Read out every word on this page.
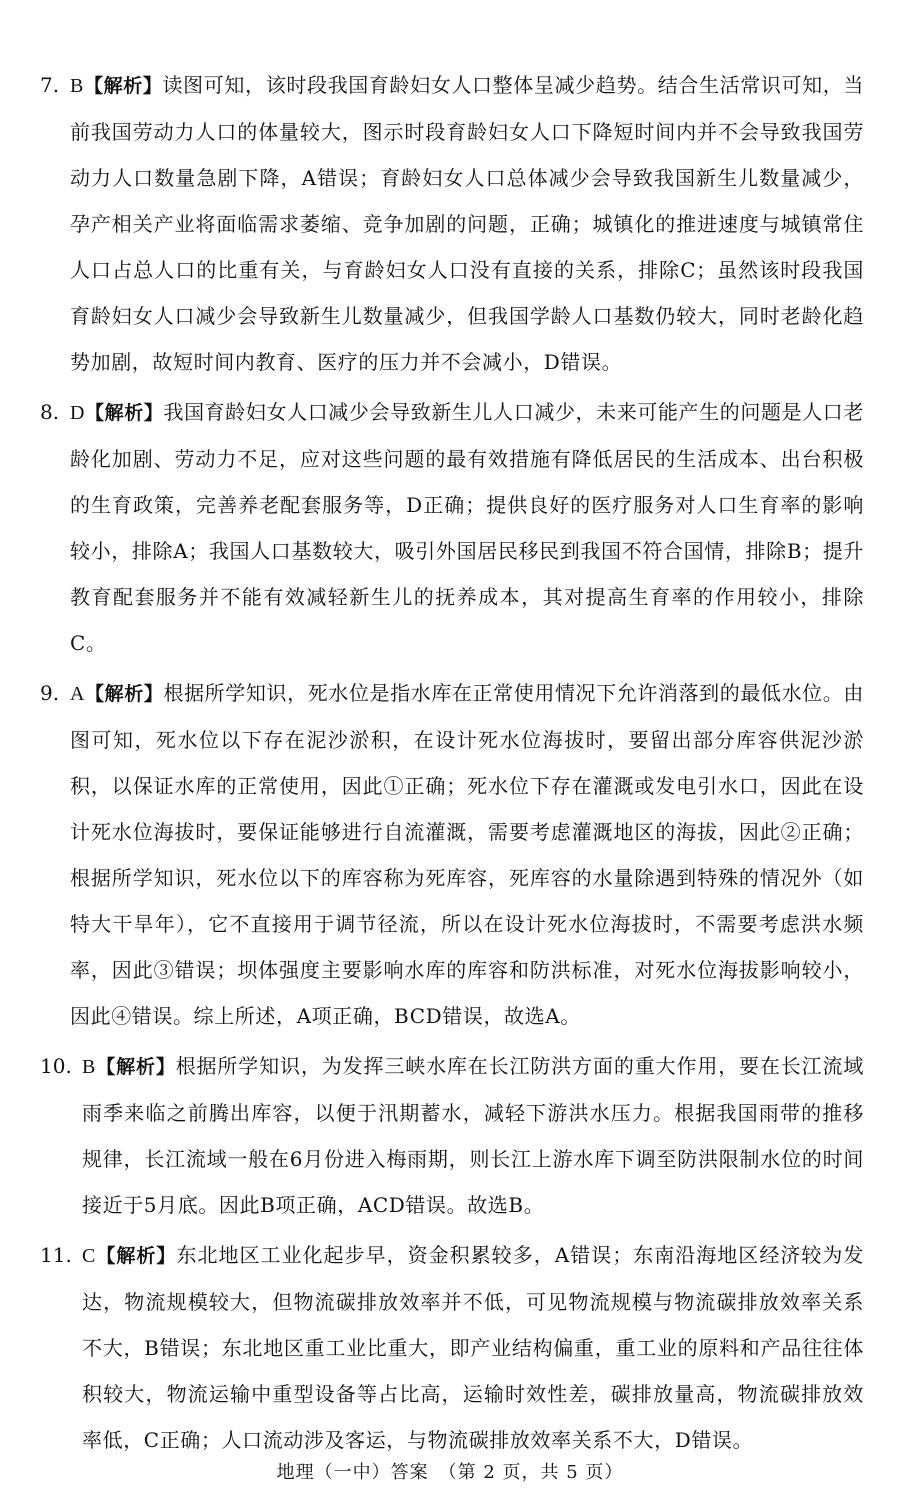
7. B【解析】读图可知，该时段我国育龄妇女人口整体呈减少趋势。结合生活常识可知，当前我国劳动力人口的体量较大，图示时段育龄妇女人口下降短时间内并不会导致我国劳动力人口数量急剧下降，A错误；育龄妇女人口总体减少会导致我国新生儿数量减少，孕产相关产业将面临需求萎缩、竞争加剧的问题，正确；城镇化的推进速度与城镇常住人口占总人口的比重有关，与育龄妇女人口没有直接的关系，排除C；虽然该时段我国育龄妇女人口减少会导致新生儿数量减少，但我国学龄人口基数仍较大，同时老龄化趋势加剧，故短时间内教育、医疗的压力并不会减小，D错误。
8. D【解析】我国育龄妇女人口减少会导致新生儿人口减少，未来可能产生的问题是人口老龄化加剧、劳动力不足，应对这些问题的最有效措施有降低居民的生活成本、出台积极的生育政策，完善养老配套服务等，D正确；提供良好的医疗服务对人口生育率的影响较小，排除A；我国人口基数较大，吸引外国居民移民到我国不符合国情，排除B；提升教育配套服务并不能有效减轻新生儿的抚养成本，其对提高生育率的作用较小，排除C。
9. A【解析】根据所学知识，死水位是指水库在正常使用情况下允许消落到的最低水位。由图可知，死水位以下存在泥沙淤积，在设计死水位海拔时，要留出部分库容供泥沙淤积，以保证水库的正常使用，因此①正确；死水位下存在灌溉或发电引水口，因此在设计死水位海拔时，要保证能够进行自流灌溉，需要考虑灌溉地区的海拔，因此②正确；根据所学知识，死水位以下的库容称为死库容，死库容的水量除遇到特殊的情况外（如特大干旱年），它不直接用于调节径流，所以在设计死水位海拔时，不需要考虑洪水频率，因此③错误；坝体强度主要影响水库的库容和防洪标准，对死水位海拔影响较小，因此④错误。综上所述，A项正确，BCD错误，故选A。
10. B【解析】根据所学知识，为发挥三峡水库在长江防洪方面的重大作用，要在长江流域雨季来临之前腾出库容，以便于汛期蓄水，减轻下游洪水压力。根据我国雨带的推移规律，长江流域一般在6月份进入梅雨期，则长江上游水库下调至防洪限制水位的时间接近于5月底。因此B项正确，ACD错误。故选B。
11. C【解析】东北地区工业化起步早，资金积累较多，A错误；东南沿海地区经济较为发达，物流规模较大，但物流碳排放效率并不低，可见物流规模与物流碳排放效率关系不大，B错误；东北地区重工业比重大，即产业结构偏重，重工业的原料和产品往往体积较大，物流运输中重型设备等占比高，运输时效性差，碳排放量高，物流碳排放效率低，C正确；人口流动涉及客运，与物流碳排放效率关系不大，D错误。
地理（一中）答案　（第 2 页，共 5 页）
